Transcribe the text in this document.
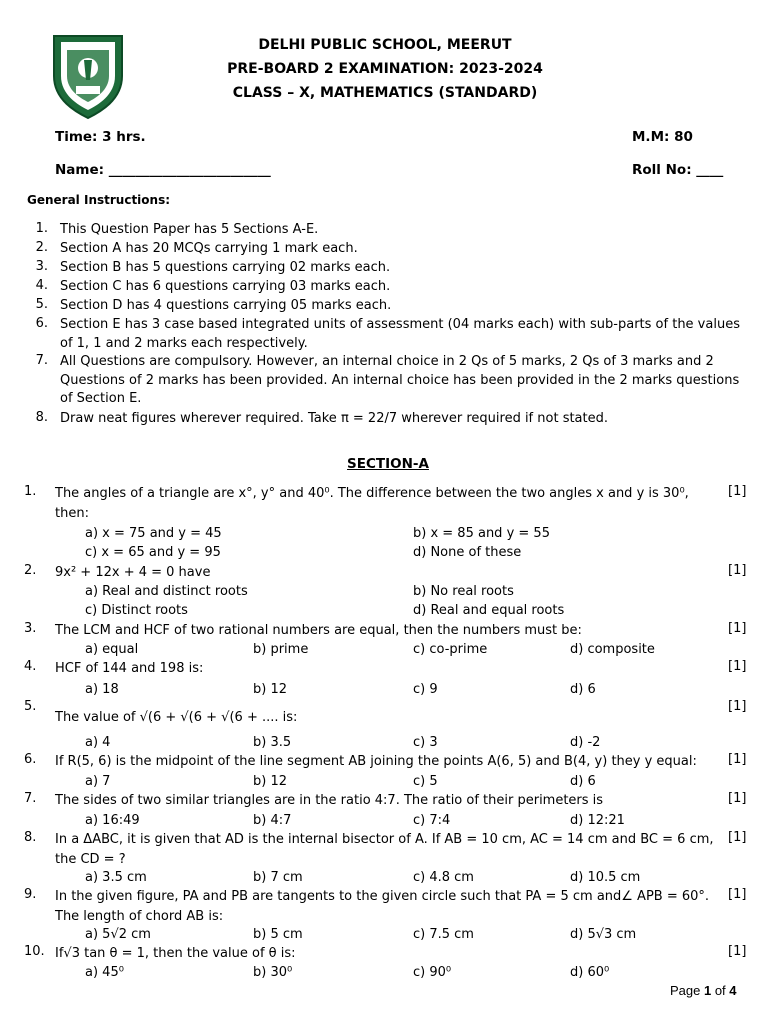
DELHI PUBLIC SCHOOL, MEERUT
PRE-BOARD 2 EXAMINATION: 2023-2024
CLASS – X, MATHEMATICS (STANDARD)
Time: 3 hrs.	M.M: 80
Name: ________________________	Roll No: ____
General Instructions:
1. This Question Paper has 5 Sections A-E.
2. Section A has 20 MCQs carrying 1 mark each.
3. Section B has 5 questions carrying 02 marks each.
4. Section C has 6 questions carrying 03 marks each.
5. Section D has 4 questions carrying 05 marks each.
6. Section E has 3 case based integrated units of assessment (04 marks each) with sub-parts of the values of 1, 1 and 2 marks each respectively.
7. All Questions are compulsory. However, an internal choice in 2 Qs of 5 marks, 2 Qs of 3 marks and 2 Questions of 2 marks has been provided. An internal choice has been provided in the 2 marks questions of Section E.
8. Draw neat figures wherever required. Take π = 22/7 wherever required if not stated.
SECTION-A
1.	The angles of a triangle are x°, y° and 40⁰. The difference between the two angles x and y is 30⁰, then:
[1]
a) x = 75 and y = 45	b) x = 85 and y = 55
c) x = 65 and y = 95	d) None of these
2.	9x² + 12x + 4 = 0 have	[1]
a) Real and distinct roots	b) No real roots
c) Distinct roots	d) Real and equal roots
3.	The LCM and HCF of two rational numbers are equal, then the numbers must be:	[1]
a) equal	b) prime	c) co-prime	d) composite
4.	HCF of 144 and 198 is:	[1]
a) 18	b) 12	c) 9	d) 6
5.
The value of √(6 + √(6 + √(6 + .... is:
[1]
a) 4	b) 3.5	c) 3	d) -2
6.	If R(5, 6) is the midpoint of the line segment AB joining the points A(6, 5) and B(4, y) they y equal:	[1]
a) 7	b) 12	c) 5	d) 6
7.	The sides of two similar triangles are in the ratio 4:7. The ratio of their perimeters is	[1]
a) 16:49	b) 4:7	c) 7:4	d) 12:21
8.	In a ΔABC, it is given that AD is the internal bisector of A. If AB = 10 cm, AC = 14 cm and BC = 6 cm, the CD = ?
[1]
a) 3.5 cm	b) 7 cm	c) 4.8 cm	d) 10.5 cm
9.	In the given figure, PA and PB are tangents to the given circle such that PA = 5 cm and∠ APB = 60°. The length of chord AB is:
[1]
a) 5√2 cm	b) 5 cm	c) 7.5 cm	d) 5√3 cm
10. If√3 tan θ = 1, then the value of θ is:	[1]
a) 45⁰	b) 30⁰	c) 90⁰	d) 60⁰
Page 1 of 4
